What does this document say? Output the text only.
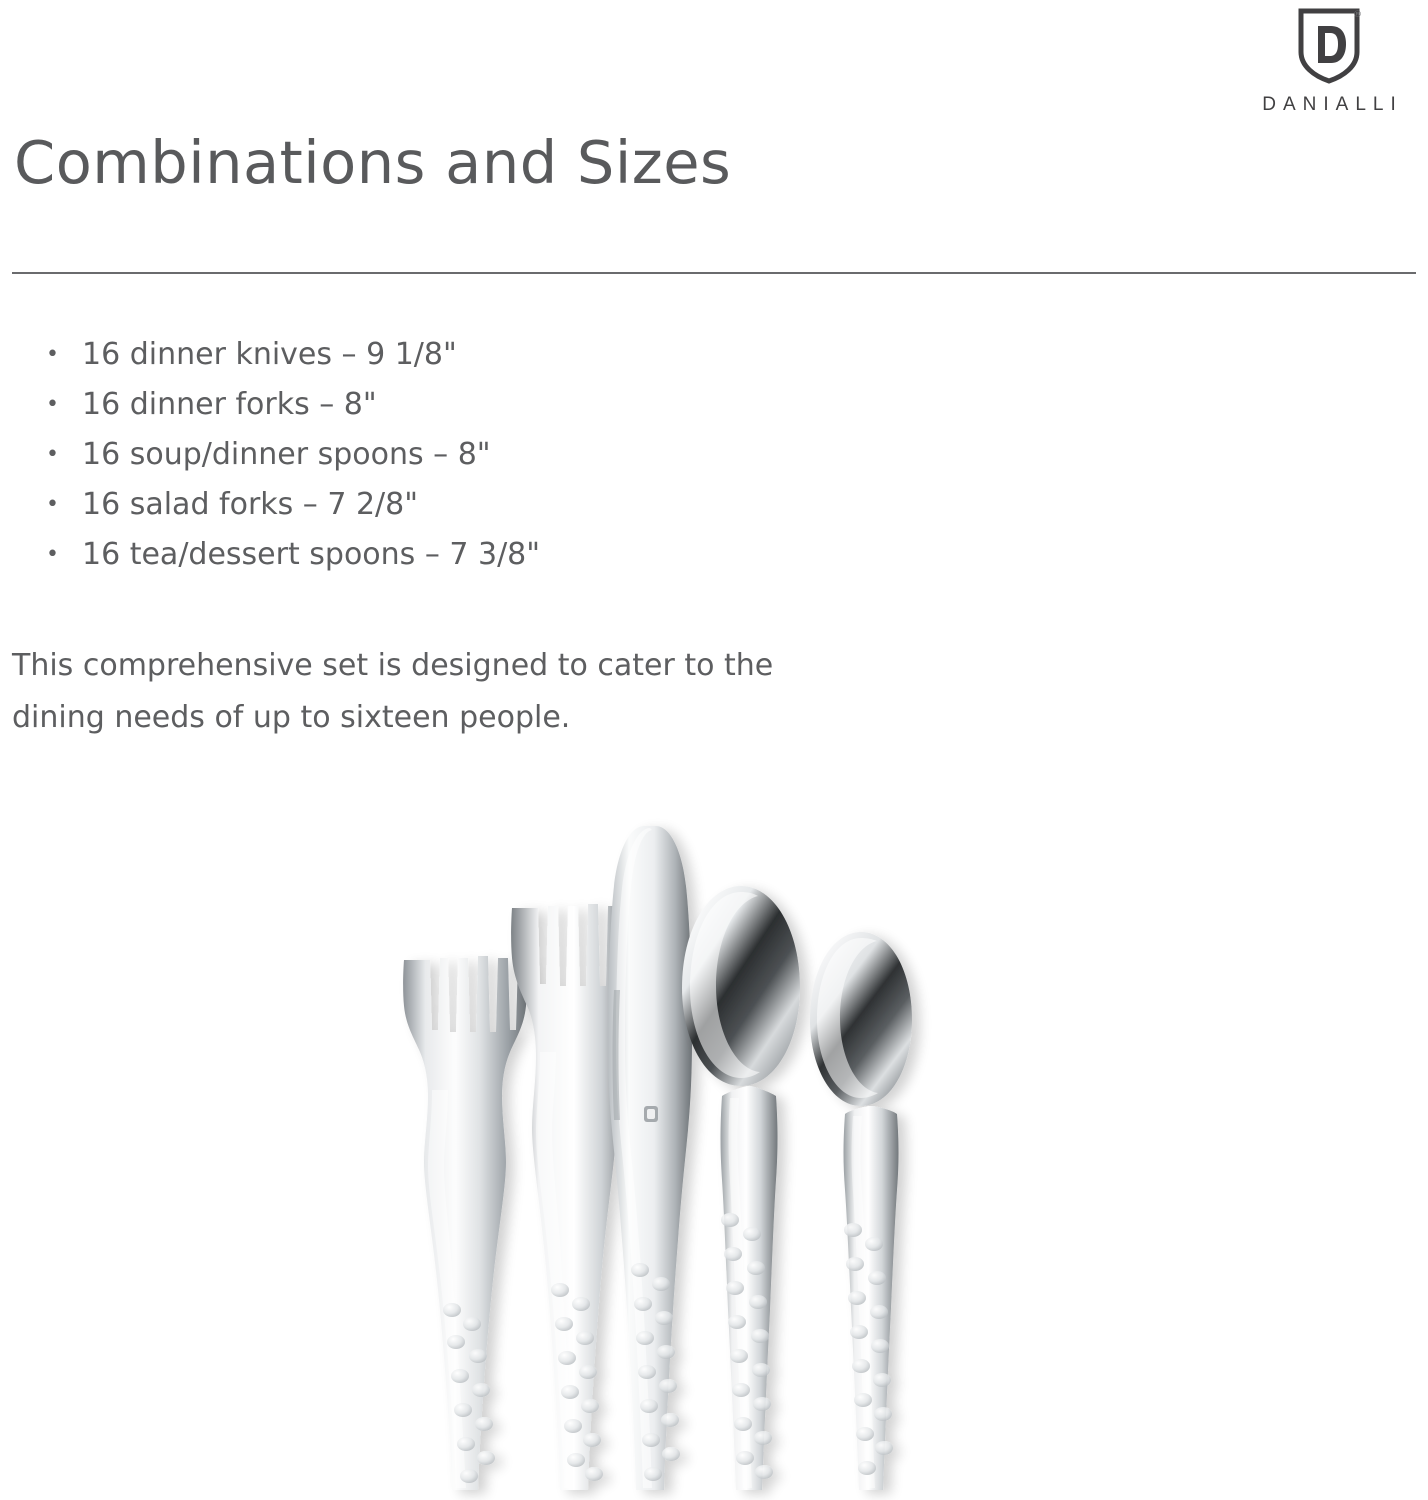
®
DANIALLI
Combinations and Sizes
• 16 dinner knives – 9 1/8"
• 16 dinner forks – 8"
• 16 soup/dinner spoons – 8"
• 16 salad forks – 7 2/8"
• 16 tea/dessert spoons – 7 3/8"
This comprehensive set is designed to cater to the
dining needs of up to sixteen people.
